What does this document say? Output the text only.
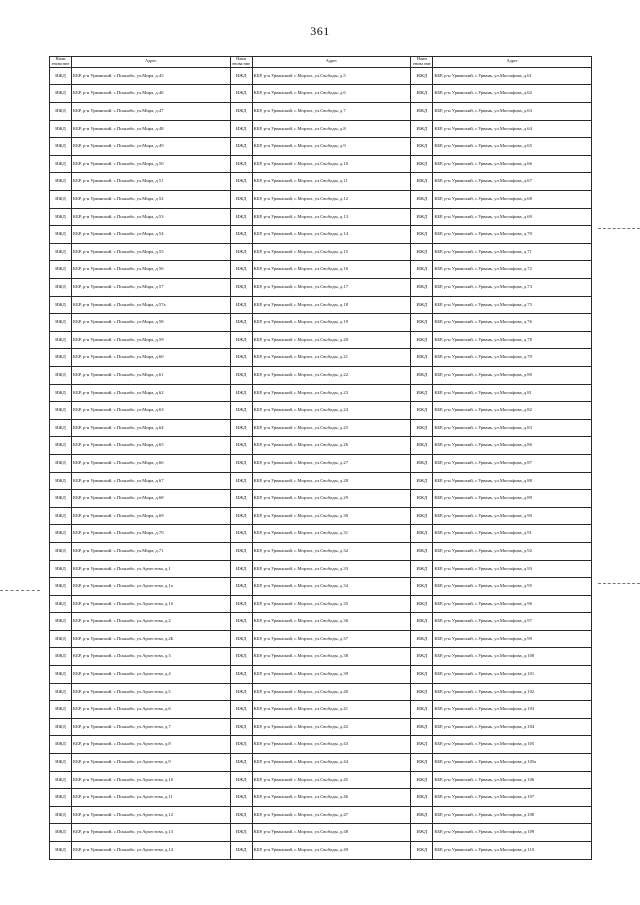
361
Наим енова ние	Адрес	Наим енова ние	Адрес	Наим енова ние	Адрес
ИЖД	КБР, р-н Урванский, с.Псынабо, ул.Мира, д.45	ИЖД	КБР, р-н Урванский, с.Морзох, ул.Свободы, д.5	ИЖД	КБР, р-н Урванский, с.Урвань, ул.Мастафова, д.61
ИЖД	КБР, р-н Урванский, с.Псынабо, ул.Мира, д.46	ИЖД	КБР, р-н Урванский, с.Морзох, ул.Свободы, д.6	ИЖД	КБР, р-н Урванский, с.Урвань, ул.Мастафова, д.62
ИЖД	КБР, р-н Урванский, с.Псынабо, ул.Мира, д.47	ИЖД	КБР, р-н Урванский, с.Морзох, ул.Свободы, д.7	ИЖД	КБР, р-н Урванский, с.Урвань, ул.Мастафова, д.63
ИЖД	КБР, р-н Урванский, с.Псынабо, ул.Мира, д.48	ИЖД	КБР, р-н Урванский, с.Морзох, ул.Свободы, д.8	ИЖД	КБР, р-н Урванский, с.Урвань, ул.Мастафова, д.64
ИЖД	КБР, р-н Урванский, с.Псынабо, ул.Мира, д.49	ИЖД	КБР, р-н Урванский, с.Морзох, ул.Свободы, д.9	ИЖД	КБР, р-н Урванский, с.Урвань, ул.Мастафова, д.65
ИЖД	КБР, р-н Урванский, с.Псынабо, ул.Мира, д.50	ИЖД	КБР, р-н Урванский, с.Морзох, ул.Свободы, д.10	ИЖД	КБР, р-н Урванский, с.Урвань, ул.Мастафова, д.66
ИЖД	КБР, р-н Урванский, с.Псынабо, ул.Мира, д.51	ИЖД	КБР, р-н Урванский, с.Морзох, ул.Свободы, д.11	ИЖД	КБР, р-н Урванский, с.Урвань, ул.Мастафова, д.67
ИЖД	КБР, р-н Урванский, с.Псынабо, ул.Мира, д.52	ИЖД	КБР, р-н Урванский, с.Морзох, ул.Свободы, д.12	ИЖД	КБР, р-н Урванский, с.Урвань, ул.Мастафова, д.68
ИЖД	КБР, р-н Урванский, с.Псынабо, ул.Мира, д.53	ИЖД	КБР, р-н Урванский, с.Морзох, ул.Свободы, д.13	ИЖД	КБР, р-н Урванский, с.Урвань, ул.Мастафова, д.69
ИЖД	КБР, р-н Урванский, с.Псынабо, ул.Мира, д.54	ИЖД	КБР, р-н Урванский, с.Морзох, ул.Свободы, д.14	ИЖД	КБР, р-н Урванский, с.Урвань, ул.Мастафова, д.70
ИЖД	КБР, р-н Урванский, с.Псынабо, ул.Мира, д.55	ИЖД	КБР, р-н Урванский, с.Морзох, ул.Свободы, д.15	ИЖД	КБР, р-н Урванский, с.Урвань, ул.Мастафова, д.71
ИЖД	КБР, р-н Урванский, с.Псынабо, ул.Мира, д.56	ИЖД	КБР, р-н Урванский, с.Морзох, ул.Свободы, д.16	ИЖД	КБР, р-н Урванский, с.Урвань, ул.Мастафова, д.72
ИЖД	КБР, р-н Урванский, с.Псынабо, ул.Мира, д.57	ИЖД	КБР, р-н Урванский, с.Морзох, ул.Свободы, д.17	ИЖД	КБР, р-н Урванский, с.Урвань, ул.Мастафова, д.73
ИЖД	КБР, р-н Урванский, с.Псынабо, ул.Мира, д.57а	ИЖД	КБР, р-н Урванский, с.Морзох, ул.Свободы, д.18	ИЖД	КБР, р-н Урванский, с.Урвань, ул.Мастафова, д.75
ИЖД	КБР, р-н Урванский, с.Псынабо, ул.Мира, д.58	ИЖД	КБР, р-н Урванский, с.Морзох, ул.Свободы, д.19	ИЖД	КБР, р-н Урванский, с.Урвань, ул.Мастафова, д.76
ИЖД	КБР, р-н Урванский, с.Псынабо, ул.Мира, д.59	ИЖД	КБР, р-н Урванский, с.Морзох, ул.Свободы, д.20	ИЖД	КБР, р-н Урванский, с.Урвань, ул.Мастафова, д.78
ИЖД	КБР, р-н Урванский, с.Псынабо, ул.Мира, д.60	ИЖД	КБР, р-н Урванский, с.Морзох, ул.Свободы, д.21	ИЖД	КБР, р-н Урванский, с.Урвань, ул.Мастафова, д.79
ИЖД	КБР, р-н Урванский, с.Псынабо, ул.Мира, д.61	ИЖД	КБР, р-н Урванский, с.Морзох, ул.Свободы, д.22	ИЖД	КБР, р-н Урванский, с.Урвань, ул.Мастафова, д.80
ИЖД	КБР, р-н Урванский, с.Псынабо, ул.Мира, д.62	ИЖД	КБР, р-н Урванский, с.Морзох, ул.Свободы, д.23	ИЖД	КБР, р-н Урванский, с.Урвань, ул.Мастафова, д.81
ИЖД	КБР, р-н Урванский, с.Псынабо, ул.Мира, д.63	ИЖД	КБР, р-н Урванский, с.Морзох, ул.Свободы, д.24	ИЖД	КБР, р-н Урванский, с.Урвань, ул.Мастафова, д.82
ИЖД	КБР, р-н Урванский, с.Псынабо, ул.Мира, д.64	ИЖД	КБР, р-н Урванский, с.Морзох, ул.Свободы, д.25	ИЖД	КБР, р-н Урванский, с.Урвань, ул.Мастафова, д.83
ИЖД	КБР, р-н Урванский, с.Псынабо, ул.Мира, д.65	ИЖД	КБР, р-н Урванский, с.Морзох, ул.Свободы, д.26	ИЖД	КБР, р-н Урванский, с.Урвань, ул.Мастафова, д.86
ИЖД	КБР, р-н Урванский, с.Псынабо, ул.Мира, д.66	ИЖД	КБР, р-н Урванский, с.Морзох, ул.Свободы, д.27	ИЖД	КБР, р-н Урванский, с.Урвань, ул.Мастафова, д.87
ИЖД	КБР, р-н Урванский, с.Псынабо, ул.Мира, д.67	ИЖД	КБР, р-н Урванский, с.Морзох, ул.Свободы, д.28	ИЖД	КБР, р-н Урванский, с.Урвань, ул.Мастафова, д.88
ИЖД	КБР, р-н Урванский, с.Псынабо, ул.Мира, д.68	ИЖД	КБР, р-н Урванский, с.Морзох, ул.Свободы, д.29	ИЖД	КБР, р-н Урванский, с.Урвань, ул.Мастафова, д.89
ИЖД	КБР, р-н Урванский, с.Псынабо, ул.Мира, д.69	ИЖД	КБР, р-н Урванский, с.Морзох, ул.Свободы, д.30	ИЖД	КБР, р-н Урванский, с.Урвань, ул.Мастафова, д.90
ИЖД	КБР, р-н Урванский, с.Псынабо, ул.Мира, д.70	ИЖД	КБР, р-н Урванский, с.Морзох, ул.Свободы, д.31	ИЖД	КБР, р-н Урванский, с.Урвань, ул.Мастафова, д.91
ИЖД	КБР, р-н Урванский, с.Псынабо, ул.Мира, д.71	ИЖД	КБР, р-н Урванский, с.Морзох, ул.Свободы, д.32	ИЖД	КБР, р-н Урванский, с.Урвань, ул.Мастафова, д.92
ИЖД	КБР, р-н Урванский, с.Псынабо, ул.Архестова, д.1	ИЖД	КБР, р-н Урванский, с.Морзох, ул.Свободы, д.33	ИЖД	КБР, р-н Урванский, с.Урвань, ул.Мастафова, д.93
ИЖД	КБР, р-н Урванский, с.Псынабо, ул.Архестова, д.1а	ИЖД	КБР, р-н Урванский, с.Морзох, ул.Свободы, д.34	ИЖД	КБР, р-н Урванский, с.Урвань, ул.Мастафова, д.95
ИЖД	КБР, р-н Урванский, с.Псынабо, ул.Архестова, д.1б	ИЖД	КБР, р-н Урванский, с.Морзох, ул.Свободы, д.35	ИЖД	КБР, р-н Урванский, с.Урвань, ул.Мастафова, д.96
ИЖД	КБР, р-н Урванский, с.Псынабо, ул.Архестова, д.2	ИЖД	КБР, р-н Урванский, с.Морзох, ул.Свободы, д.36	ИЖД	КБР, р-н Урванский, с.Урвань, ул.Мастафова, д.97
ИЖД	КБР, р-н Урванский, с.Псынабо, ул.Архестова, д.2Б	ИЖД	КБР, р-н Урванский, с.Морзох, ул.Свободы, д.37	ИЖД	КБР, р-н Урванский, с.Урвань, ул.Мастафова, д.99
ИЖД	КБР, р-н Урванский, с.Псынабо, ул.Архестова, д.3	ИЖД	КБР, р-н Урванский, с.Морзох, ул.Свободы, д.38	ИЖД	КБР, р-н Урванский, с.Урвань, ул.Мастафова, д.100
ИЖД	КБР, р-н Урванский, с.Псынабо, ул.Архестова, д.4	ИЖД	КБР, р-н Урванский, с.Морзох, ул.Свободы, д.39	ИЖД	КБР, р-н Урванский, с.Урвань, ул.Мастафова, д.101
ИЖД	КБР, р-н Урванский, с.Псынабо, ул.Архестова, д.5	ИЖД	КБР, р-н Урванский, с.Морзох, ул.Свободы, д.40	ИЖД	КБР, р-н Урванский, с.Урвань, ул.Мастафова, д.102
ИЖД	КБР, р-н Урванский, с.Псынабо, ул.Архестова, д.6	ИЖД	КБР, р-н Урванский, с.Морзох, ул.Свободы, д.41	ИЖД	КБР, р-н Урванский, с.Урвань, ул.Мастафова, д.103
ИЖД	КБР, р-н Урванский, с.Псынабо, ул.Архестова, д.7	ИЖД	КБР, р-н Урванский, с.Морзох, ул.Свободы, д.42	ИЖД	КБР, р-н Урванский, с.Урвань, ул.Мастафова, д.104
ИЖД	КБР, р-н Урванский, с.Псынабо, ул.Архестова, д.8	ИЖД	КБР, р-н Урванский, с.Морзох, ул.Свободы, д.43	ИЖД	КБР, р-н Урванский, с.Урвань, ул.Мастафова, д.105
ИЖД	КБР, р-н Урванский, с.Псынабо, ул.Архестова, д.9	ИЖД	КБР, р-н Урванский, с.Морзох, ул.Свободы, д.44	ИЖД	КБР, р-н Урванский, с.Урвань, ул.Мастафова, д.105а
ИЖД	КБР, р-н Урванский, с.Псынабо, ул.Архестова, д.10	ИЖД	КБР, р-н Урванский, с.Морзох, ул.Свободы, д.45	ИЖД	КБР, р-н Урванский, с.Урвань, ул.Мастафова, д.106
ИЖД	КБР, р-н Урванский, с.Псынабо, ул.Архестова, д.11	ИЖД	КБР, р-н Урванский, с.Морзох, ул.Свободы, д.46	ИЖД	КБР, р-н Урванский, с.Урвань, ул.Мастафова, д.107
ИЖД	КБР, р-н Урванский, с.Псынабо, ул.Архестова, д.12	ИЖД	КБР, р-н Урванский, с.Морзох, ул.Свободы, д.47	ИЖД	КБР, р-н Урванский, с.Урвань, ул.Мастафова, д.108
ИЖД	КБР, р-н Урванский, с.Псынабо, ул.Архестова, д.13	ИЖД	КБР, р-н Урванский, с.Морзох, ул.Свободы, д.48	ИЖД	КБР, р-н Урванский, с.Урвань, ул.Мастафова, д.109
ИЖД	КБР, р-н Урванский, с.Псынабо, ул.Архестова, д.14	ИЖД	КБР, р-н Урванский, с.Морзох, ул.Свободы, д.49	ИЖД	КБР, р-н Урванский, с.Урвань, ул.Мастафова, д.110
